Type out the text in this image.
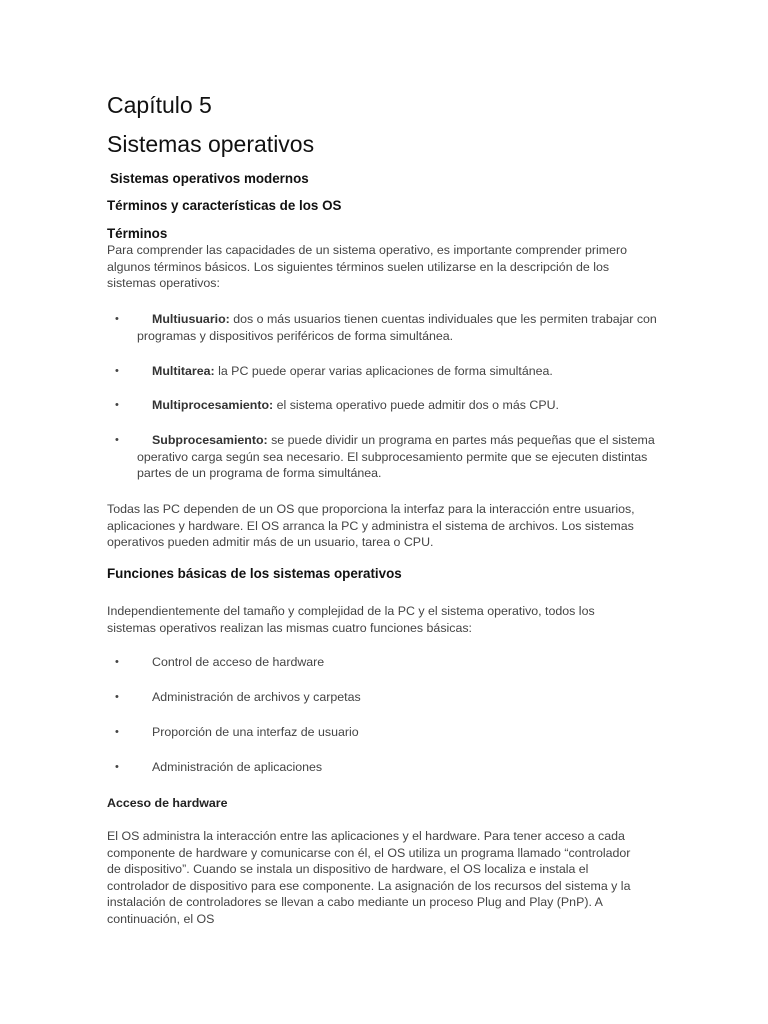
Capítulo 5
Sistemas operativos
Sistemas operativos modernos
Términos y características de los OS
Términos

Para comprender las capacidades de un sistema operativo, es importante comprender primero algunos términos básicos. Los siguientes términos suelen utilizarse en la descripción de los sistemas operativos:

•	Multiusuario: dos o más usuarios tienen cuentas individuales que les permiten trabajar con programas y dispositivos periféricos de forma simultánea.
•	Multitarea: la PC puede operar varias aplicaciones de forma simultánea.
•	Multiprocesamiento: el sistema operativo puede admitir dos o más CPU.
•	Subprocesamiento: se puede dividir un programa en partes más pequeñas que el sistema operativo carga según sea necesario. El subprocesamiento permite que se ejecuten distintas partes de un programa de forma simultánea.

Todas las PC dependen de un OS que proporciona la interfaz para la interacción entre usuarios, aplicaciones y hardware. El OS arranca la PC y administra el sistema de archivos. Los sistemas operativos pueden admitir más de un usuario, tarea o CPU.

Funciones básicas de los sistemas operativos

Independientemente del tamaño y complejidad de la PC y el sistema operativo, todos los sistemas operativos realizan las mismas cuatro funciones básicas:

•	Control de acceso de hardware
•	Administración de archivos y carpetas
•	Proporción de una interfaz de usuario
•	Administración de aplicaciones
Acceso de hardware

El OS administra la interacción entre las aplicaciones y el hardware. Para tener acceso a cada componente de hardware y comunicarse con él, el OS utiliza un programa llamado “controlador de dispositivo”. Cuando se instala un dispositivo de hardware, el OS localiza e instala el controlador de dispositivo para ese componente. La asignación de los recursos del sistema y la instalación de controladores se llevan a cabo mediante un proceso Plug and Play (PnP). A continuación, el OS
